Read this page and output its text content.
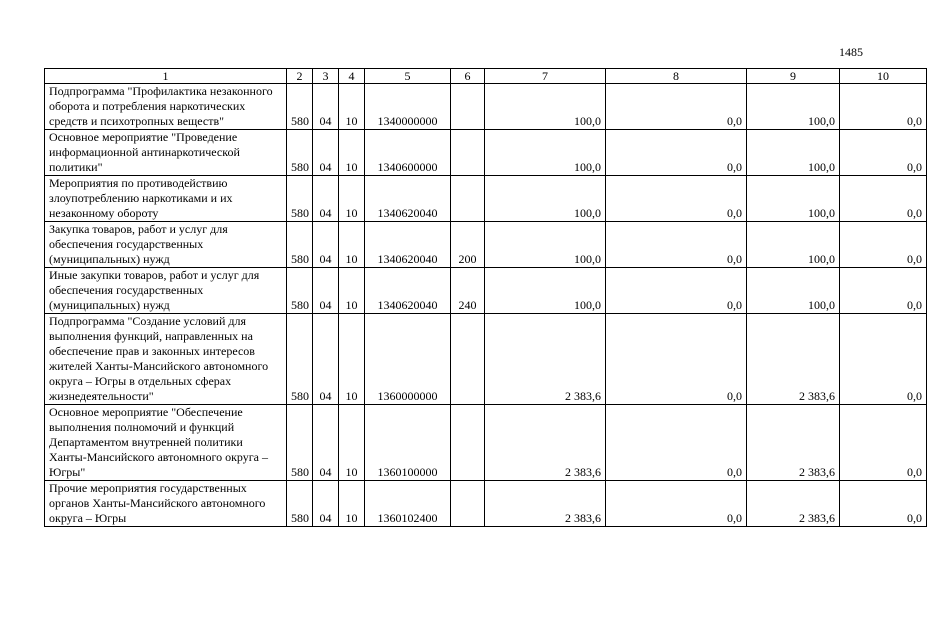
1485
1	2	3	4	5	6	7	8	9	10
Подпрограмма "Профилактика незаконного оборота и потребления наркотических средств и психотропных веществ"	580	04	10	1340000000		100,0	0,0	100,0	0,0
Основное мероприятие "Проведение информационной антинаркотической политики"	580	04	10	1340600000		100,0	0,0	100,0	0,0
Мероприятия по противодействию злоупотреблению наркотиками и их незаконному обороту	580	04	10	1340620040		100,0	0,0	100,0	0,0
Закупка товаров, работ и услуг для обеспечения государственных (муниципальных) нужд	580	04	10	1340620040	200	100,0	0,0	100,0	0,0
Иные закупки товаров, работ и услуг для обеспечения государственных (муниципальных) нужд	580	04	10	1340620040	240	100,0	0,0	100,0	0,0
Подпрограмма "Создание условий для выполнения функций, направленных на обеспечение прав и законных интересов жителей Ханты-Мансийского автономного округа – Югры в отдельных сферах жизнедеятельности"	580	04	10	1360000000		2 383,6	0,0	2 383,6	0,0
Основное мероприятие "Обеспечение выполнения полномочий и функций Департаментом внутренней политики Ханты-Мансийского автономного округа – Югры"	580	04	10	1360100000		2 383,6	0,0	2 383,6	0,0
Прочие мероприятия государственных органов Ханты-Мансийского автономного округа – Югры	580	04	10	1360102400		2 383,6	0,0	2 383,6	0,0
